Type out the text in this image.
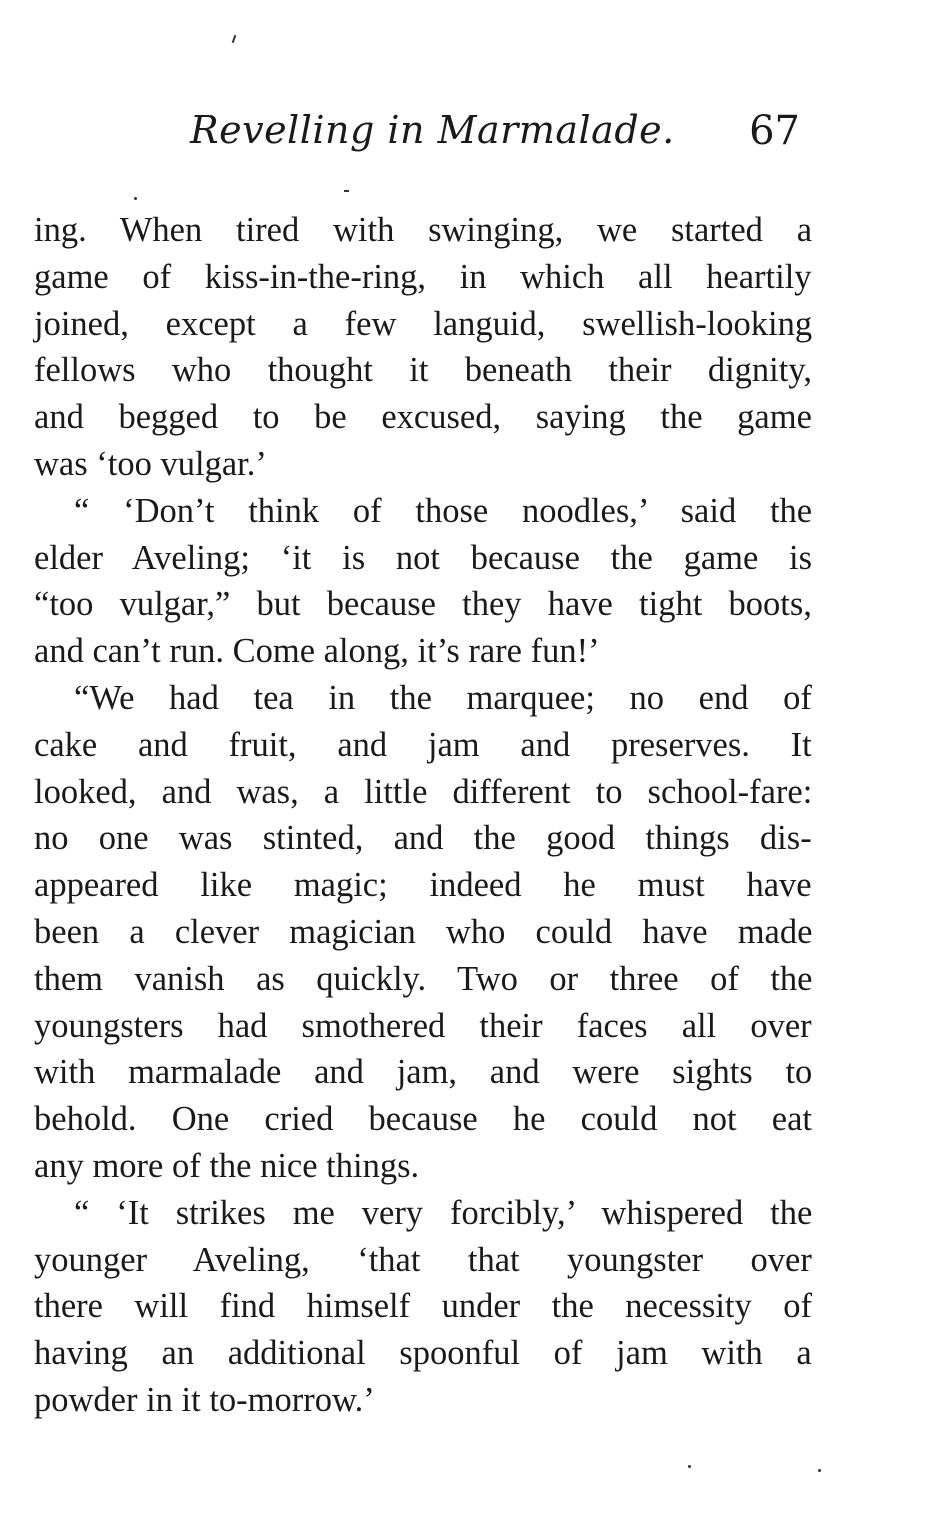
Revelling in Marmalade. 67
ing. When tired with swinging, we started a
game of kiss-in-the-ring, in which all heartily
joined, except a few languid, swellish-looking
fellows who thought it beneath their dignity,
and begged to be excused, saying the game
was ‘too vulgar.’
“ ‘Don’t think of those noodles,’ said the
elder Aveling; ‘it is not because the game is
“too vulgar,” but because they have tight boots,
and can’t run. Come along, it’s rare fun!’
“We had tea in the marquee; no end of
cake and fruit, and jam and preserves. It
looked, and was, a little different to school-fare:
no one was stinted, and the good things dis-
appeared like magic; indeed he must have
been a clever magician who could have made
them vanish as quickly. Two or three of the
youngsters had smothered their faces all over
with marmalade and jam, and were sights to
behold. One cried because he could not eat
any more of the nice things.
“ ‘It strikes me very forcibly,’ whispered the
younger Aveling, ‘that that youngster over
there will find himself under the necessity of
having an additional spoonful of jam with a
powder in it to-morrow.’
